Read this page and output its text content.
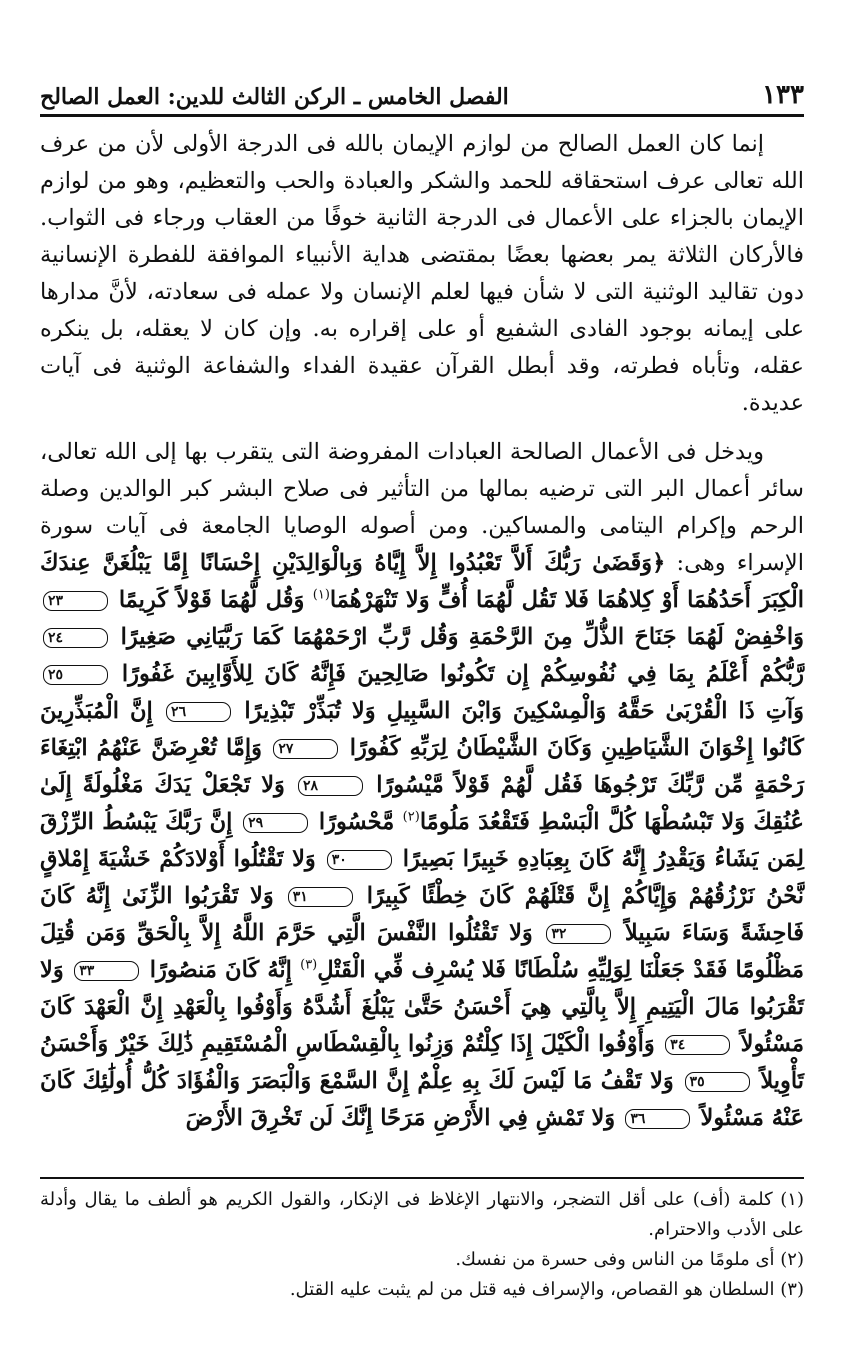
١٣٣
الفصل الخامس ـ الركن الثالث للدين: العمل الصالح

إنما كان العمل الصالح من لوازم الإيمان بالله فى الدرجة الأولى لأن من عرف الله تعالى عرف استحقاقه للحمد والشكر والعبادة والحب والتعظيم، وهو من لوازم الإيمان بالجزاء على الأعمال فى الدرجة الثانية خوفًا من العقاب ورجاء فى الثواب. فالأركان الثلاثة يمر بعضها بعضًا بمقتضى هداية الأنبياء الموافقة للفطرة الإنسانية دون تقاليد الوثنية التى لا شأن فيها لعلم الإنسان ولا عمله فى سعادته، لأنَّ مدارها على إيمانه بوجود الفادى الشفيع أو على إقراره به. وإن كان لا يعقله، بل ينكره عقله، وتأباه فطرته، وقد أبطل القرآن عقيدة الفداء والشفاعة الوثنية فى آيات عديدة.

ويدخل فى الأعمال الصالحة العبادات المفروضة التى يتقرب بها إلى الله تعالى، سائر أعمال البر التى ترضيه بمالها من التأثير فى صلاح البشر كبر الوالدين وصلة الرحم وإكرام اليتامى والمساكين. ومن أصوله الوصايا الجامعة فى آيات سورة الإسراء وهى: ﴿وَقَضَىٰ رَبُّكَ أَلاَّ تَعْبُدُوا إِلاَّ إِيَّاهُ وَبِالْوَالِدَيْنِ إِحْسَانًا إِمَّا يَبْلُغَنَّ عِندَكَ الْكِبَرَ أَحَدُهُمَا أَوْ كِلاهُمَا فَلا تَقُل لَّهُمَا أُفٍّ وَلا تَنْهَرْهُمَا$^{(١)}$ وَقُل لَّهُمَا قَوْلاً كَرِيمًا ٢٣ وَاخْفِضْ لَهُمَا جَنَاحَ الذُّلِّ مِنَ الرَّحْمَةِ وَقُل رَّبِّ ارْحَمْهُمَا كَمَا رَبَّيَانِي صَغِيرًا ٢٤ رَّبُّكُمْ أَعْلَمُ بِمَا فِي نُفُوسِكُمْ إِن تَكُونُوا صَالِحِينَ فَإِنَّهُ كَانَ لِلأَوَّابِينَ غَفُورًا ٢٥ وَآتِ ذَا الْقُرْبَىٰ حَقَّهُ وَالْمِسْكِينَ وَابْنَ السَّبِيلِ وَلا تُبَذِّرْ تَبْذِيرًا ٢٦ إِنَّ الْمُبَذِّرِينَ كَانُوا إِخْوَانَ الشَّيَاطِينِ وَكَانَ الشَّيْطَانُ لِرَبِّهِ كَفُورًا ٢٧ وَإِمَّا تُعْرِضَنَّ عَنْهُمُ ابْتِغَاءَ رَحْمَةٍ مِّن رَّبِّكَ تَرْجُوهَا فَقُل لَّهُمْ قَوْلاً مَّيْسُورًا ٢٨ وَلا تَجْعَلْ يَدَكَ مَغْلُولَةً إِلَىٰ عُنُقِكَ وَلا تَبْسُطْهَا كُلَّ الْبَسْطِ فَتَقْعُدَ مَلُومًا$^{(٢)}$ مَّحْسُورًا ٢٩ إِنَّ رَبَّكَ يَبْسُطُ الرِّزْقَ لِمَن يَشَاءُ وَيَقْدِرُ إِنَّهُ كَانَ بِعِبَادِهِ خَبِيرًا بَصِيرًا ٣٠ وَلا تَقْتُلُوا أَوْلادَكُمْ خَشْيَةَ إِمْلاقٍ نَّحْنُ نَرْزُقُهُمْ وَإِيَّاكُمْ إِنَّ قَتْلَهُمْ كَانَ خِطْئًا كَبِيرًا ٣١ وَلا تَقْرَبُوا الزِّنَىٰ إِنَّهُ كَانَ فَاحِشَةً وَسَاءَ سَبِيلاً ٣٢ وَلا تَقْتُلُوا النَّفْسَ الَّتِي حَرَّمَ اللَّهُ إِلاَّ بِالْحَقِّ وَمَن قُتِلَ مَظْلُومًا فَقَدْ جَعَلْنَا لِوَلِيِّهِ سُلْطَانًا فَلا يُسْرِف فِّي الْقَتْلِ$^{(٣)}$ إِنَّهُ كَانَ مَنصُورًا ٣٣ وَلا تَقْرَبُوا مَالَ الْيَتِيمِ إِلاَّ بِالَّتِي هِيَ أَحْسَنُ حَتَّىٰ يَبْلُغَ أَشُدَّهُ وَأَوْفُوا بِالْعَهْدِ إِنَّ الْعَهْدَ كَانَ مَسْئُولاً ٣٤ وَأَوْفُوا الْكَيْلَ إِذَا كِلْتُمْ وَزِنُوا بِالْقِسْطَاسِ الْمُسْتَقِيمِ ذَٰلِكَ خَيْرٌ وَأَحْسَنُ تَأْوِيلاً ٣٥ وَلا تَقْفُ مَا لَيْسَ لَكَ بِهِ عِلْمٌ إِنَّ السَّمْعَ وَالْبَصَرَ وَالْفُؤَادَ كُلُّ أُولَٰئِكَ كَانَ عَنْهُ مَسْئُولاً ٣٦ وَلا تَمْشِ فِي الأَرْضِ مَرَحًا إِنَّكَ لَن تَخْرِقَ الأَرْضَ

(١) كلمة (أف) على أقل التضجر، والانتهار الإغلاظ فى الإنكار، والقول الكريم هو ألطف ما يقال وأدلة على الأدب والاحترام.

(٢) أى ملومًا من الناس وفى حسرة من نفسك.

(٣) السلطان هو القصاص، والإسراف فيه قتل من لم يثبت عليه القتل.
